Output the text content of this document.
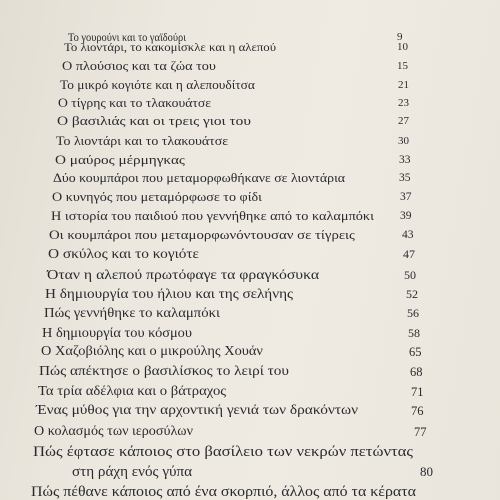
Το γουρούνι και το γαϊδούρι	9
Το λιοντάρι, το κακομίσκλε και η αλεπού	10
Ο πλούσιος και τα ζώα του	15
Το μικρό κογιότε και η αλεπουδίτσα	21
Ο τίγρης και το τλακουάτσε	23
Ο βασιλιάς και οι τρεις γιοι του	27
Το λιοντάρι και το τλακουάτσε	30
Ο μαύρος μέρμηγκας	33
Δύο κουμπάροι που μεταμορφωθήκανε σε λιοντάρια	35
Ο κυνηγός που μεταμόρφωσε το φίδι	37
Η ιστορία του παιδιού που γεννήθηκε από το καλαμπόκι 39
Οι κουμπάροι που μεταμορφωνόντουσαν σε τίγρεις	43
Ο σκύλος και το κογιότε	47
Όταν η αλεπού πρωτόφαγε τα φραγκόσυκα	50
Η δημιουργία του ήλιου και της σελήνης	52
Πώς γεννήθηκε το καλαμπόκι	56
Η δημιουργία του κόσμου	58
Ο Χαζοβιόλης και ο μικρούλης Χουάν	65
Πώς απέκτησε ο βασιλίσκος το λειρί του	68
Τα τρία αδέλφια και ο βάτραχος	71
Ένας μύθος για την αρχοντική γενιά των δρακόντων	76
Ο κολασμός των ιεροσύλων	77
Πώς έφτασε κάποιος στο βασίλειο των νεκρών πετώντας
στη ράχη ενός γύπα	80
Πώς πέθανε κάποιος από ένα σκορπιό, άλλος από τα κέρατα
